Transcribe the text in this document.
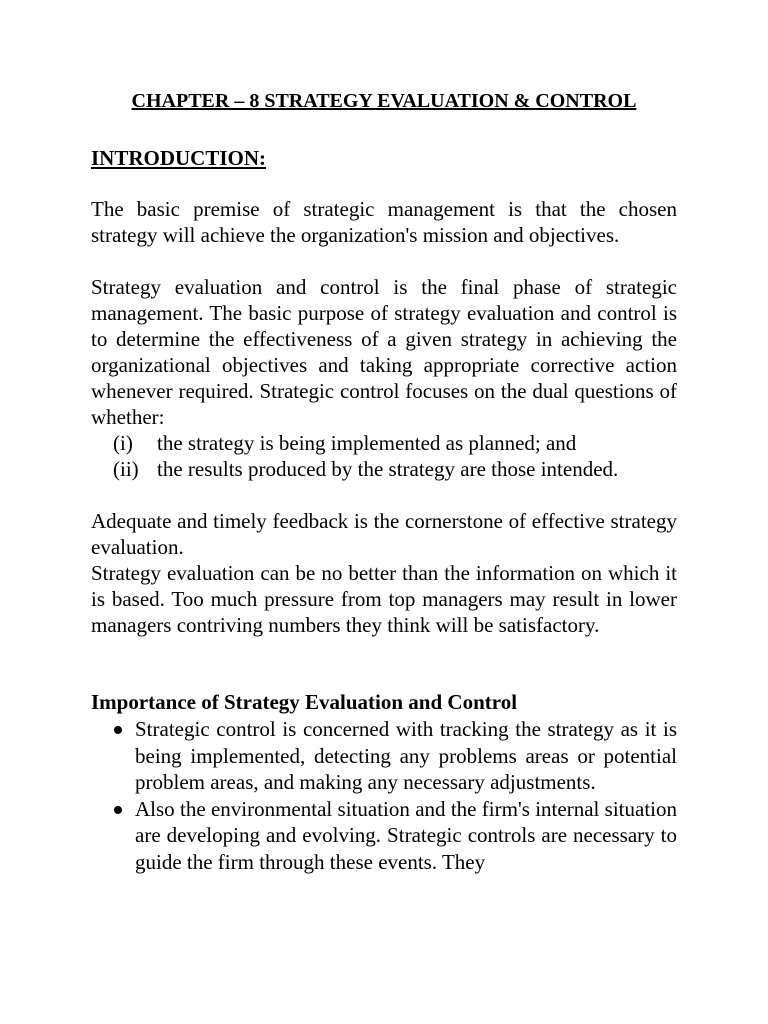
CHAPTER – 8 STRATEGY EVALUATION & CONTROL
INTRODUCTION:

The basic premise of strategic management is that the chosen strategy will achieve the organization's mission and objectives.

Strategy evaluation and control is the final phase of strategic management. The basic purpose of strategy evaluation and control is to determine the effectiveness of a given strategy in achieving the organizational objectives and taking appropriate corrective action whenever required. Strategic control focuses on the dual questions of whether:

(i)	the strategy is being implemented as planned; and
(ii) the results produced by the strategy are those intended.

Adequate and timely feedback is the cornerstone of effective strategy evaluation.

Strategy evaluation can be no better than the information on which it is based. Too much pressure from top managers may result in lower managers contriving numbers they think will be satisfactory.

Importance of Strategy Evaluation and Control
Strategic control is concerned with tracking the strategy as it is being implemented, detecting any problems areas or potential problem areas, and making any necessary adjustments.
Also the environmental situation and the firm's internal situation are developing and evolving. Strategic controls are necessary to guide the firm through these events. They
